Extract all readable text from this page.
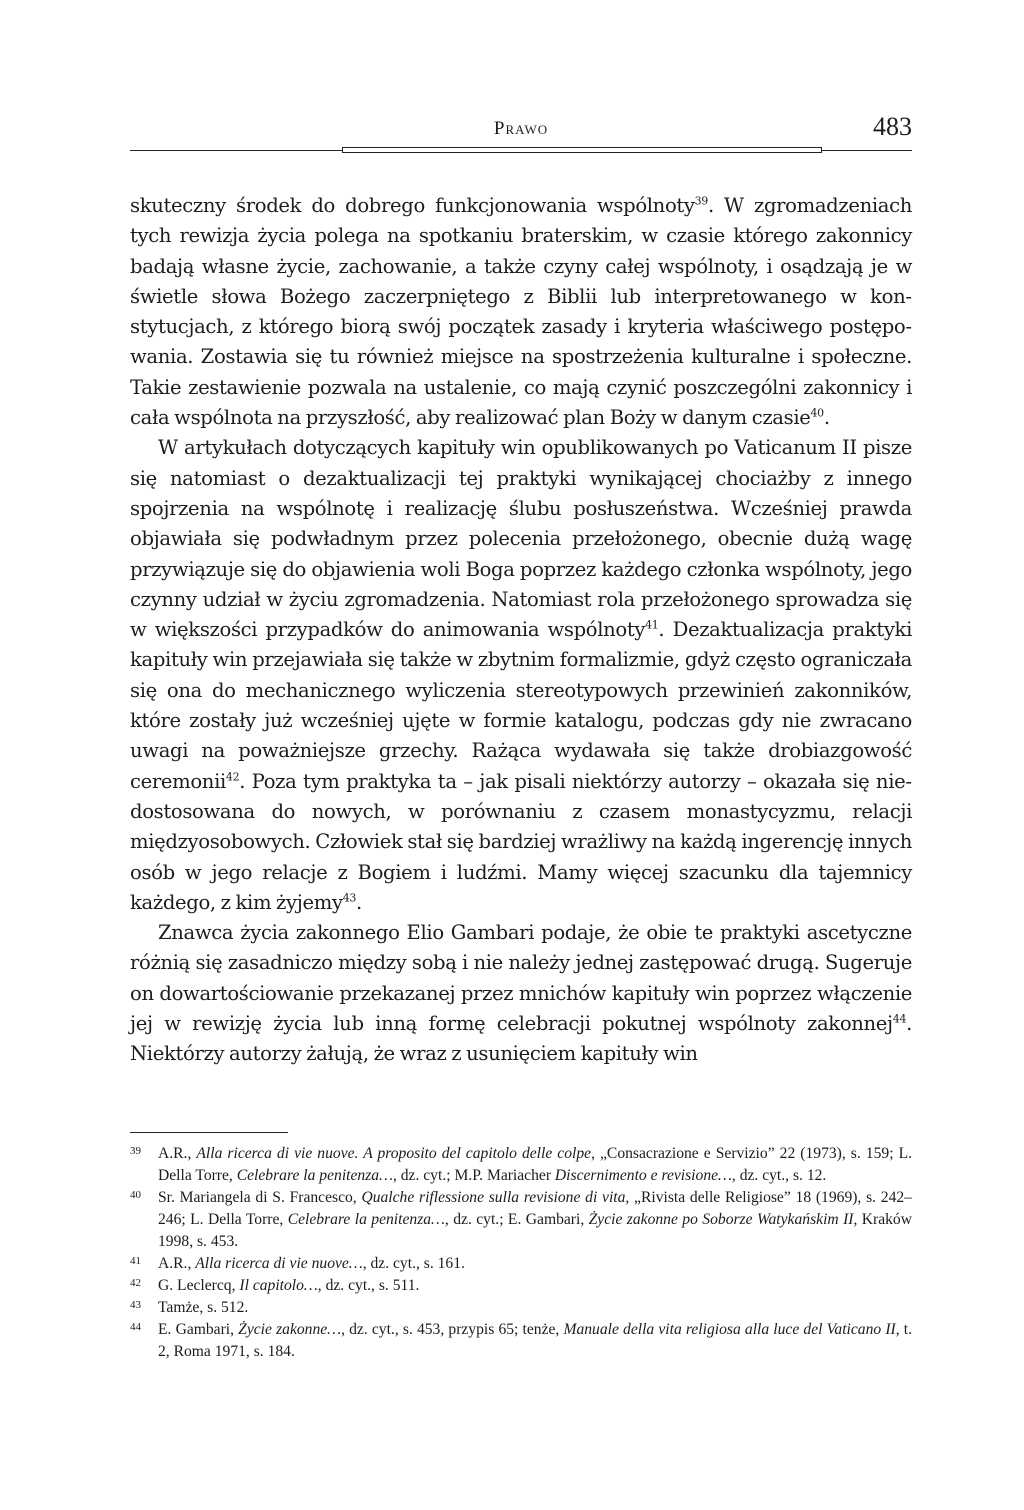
Prawo	483

skuteczny środek do dobrego funkcjonowania wspólnoty$^{39}$. W zgromadzeniach tych rewizja życia polega na spotkaniu braterskim, w czasie którego zakonnicy badają własne życie, zachowanie, a także czyny całej wspólnoty, i osądzają je w świetle słowa Bożego zaczerpniętego z Biblii lub interpretowanego w konstytucjach, z którego biorą swój początek zasady i kryteria właściwego postępowania. Zostawia się tu również miejsce na spostrzeżenia kulturalne i społeczne. Takie zestawienie pozwala na ustalenie, co mają czynić poszczególni zakonnicy i cała wspólnota na przyszłość, aby realizować plan Boży w danym czasie$^{40}$.

W artykułach dotyczących kapituły win opublikowanych po Vaticanum II pisze się natomiast o dezaktualizacji tej praktyki wynikającej chociażby z innego spojrzenia na wspólnotę i realizację ślubu posłuszeństwa. Wcześniej prawda objawiała się podwładnym przez polecenia przełożonego, obecnie dużą wagę przywiązuje się do objawienia woli Boga poprzez każdego członka wspólnoty, jego czynny udział w życiu zgromadzenia. Natomiast rola przełożonego sprowadza się w większości przypadków do animowania wspólnoty$^{41}$. Dezaktualizacja praktyki kapituły win przejawiała się także w zbytnim formalizmie, gdyż często ograniczała się ona do mechanicznego wyliczenia stereotypowych przewinień zakonników, które zostały już wcześniej ujęte w formie katalogu, podczas gdy nie zwracano uwagi na poważniejsze grzechy. Rażąca wydawała się także drobiazgowość ceremonii$^{42}$. Poza tym praktyka ta – jak pisali niektórzy autorzy – okazała się niedostosowana do nowych, w porównaniu z czasem monastycyzmu, relacji międzyosobowych. Człowiek stał się bardziej wrażliwy na każdą ingerencję innych osób w jego relacje z Bogiem i ludźmi. Mamy więcej szacunku dla tajemnicy każdego, z kim żyjemy$^{43}$.

Znawca życia zakonnego Elio Gambari podaje, że obie te praktyki ascetyczne różnią się zasadniczo między sobą i nie należy jednej zastępować drugą. Sugeruje on dowartościowanie przekazanej przez mnichów kapituły win poprzez włączenie jej w rewizję życia lub inną formę celebracji pokutnej wspólnoty zakonnej$^{44}$. Niektórzy autorzy żałują, że wraz z usunięciem kapituły win

39 A.R., Alla ricerca di vie nuove. A proposito del capitolo delle colpe, „Consacrazione e Servizio” 22 (1973), s. 159; L. Della Torre, Celebrare la penitenza…, dz. cyt.; M.P. Mariacher Discernimento e revisione…, dz. cyt., s. 12.
40 Sr. Mariangela di S. Francesco, Qualche riflessione sulla revisione di vita, „Rivista delle Religiose” 18 (1969), s. 242–246; L. Della Torre, Celebrare la penitenza…, dz. cyt.; E. Gambari, Życie zakonne po Soborze Watykańskim II, Kraków 1998, s. 453.
41 A.R., Alla ricerca di vie nuove…, dz. cyt., s. 161.
42 G. Leclercq, Il capitolo…, dz. cyt., s. 511.
43 Tamże, s. 512.
44 E. Gambari, Życie zakonne…, dz. cyt., s. 453, przypis 65; tenże, Manuale della vita religiosa alla luce del Vaticano II, t. 2, Roma 1971, s. 184.
